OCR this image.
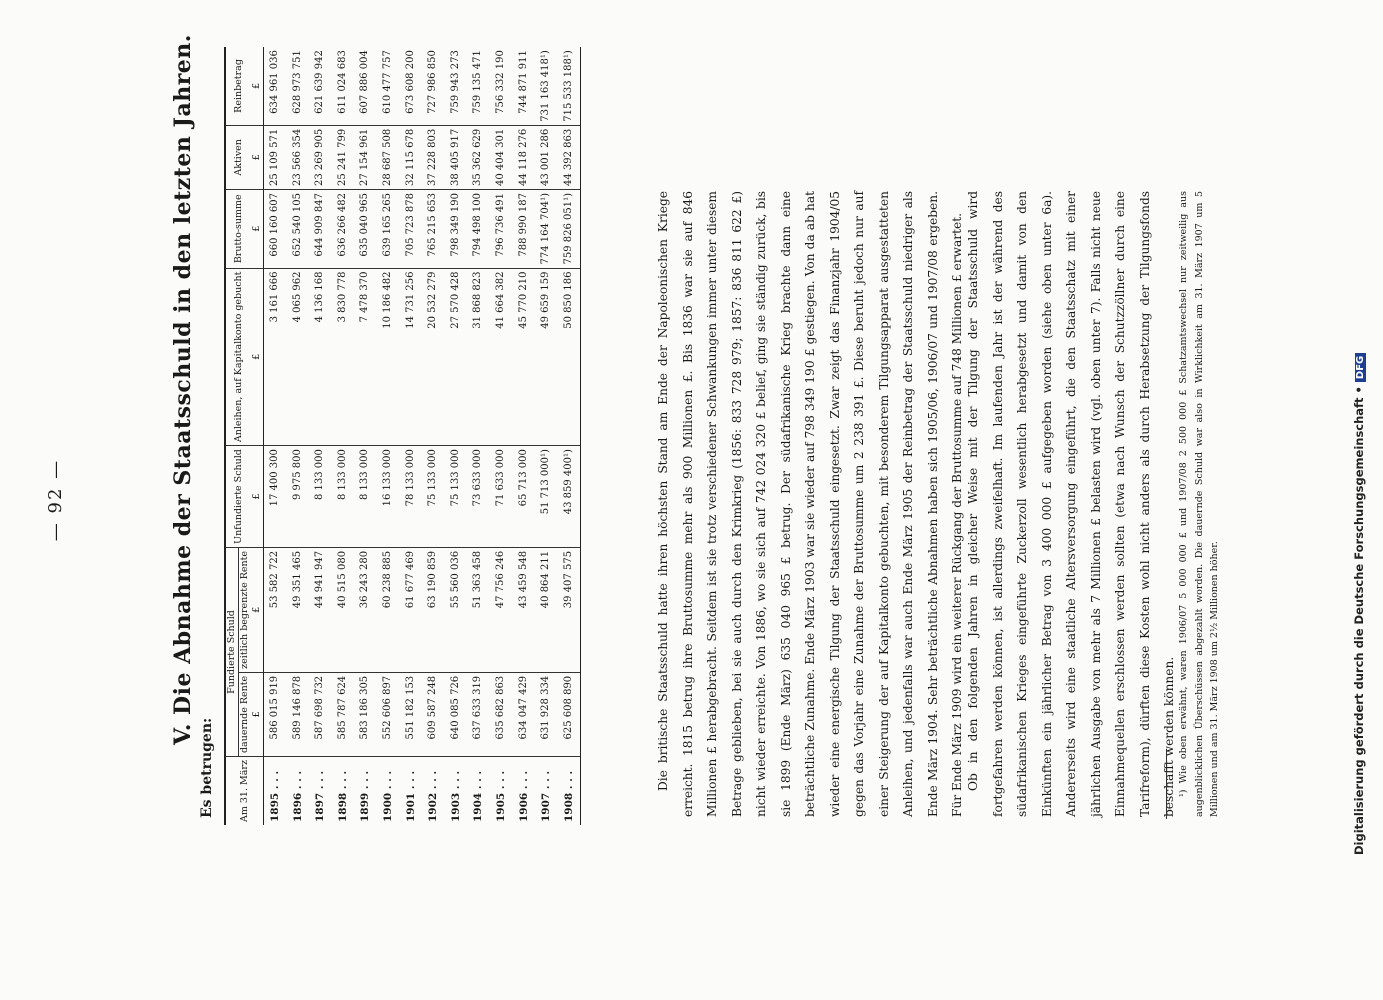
— 92 —	V. Die Abnahme der Staatsschuld in den letzten Jahren.
Es betrugen: Am 31. März	Fundierte Schuld		Unfundierte Schuld	Anleihen, auf Kapitalkonto gebucht	Brutto-summe	Aktiven	Reinbetrag
	dauernde Rente	zeitlich begrenzte Rente					
	£	£	£	£	£	£	£
1895 . . .	586 015 919	53 582 722	17 400 300	3 161 666	660 160 607	25 109 571	634 961 036
1896 . . .	589 146 878	49 351 465	9 975 800	4 065 962	652 540 105	23 566 354	628 973 751
1897 . . .	587 698 732	44 941 947	8 133 000	4 136 168	644 909 847	23 269 905	621 639 942
1898 . . .	585 787 624	40 515 080	8 133 000	3 830 778	636 266 482	25 241 799	611 024 683
1899 . . .	583 186 305	36 243 280	8 133 000	7 478 370	635 040 965	27 154 961	607 886 004
1900 . . .	552 606 897	60 238 885	16 133 000	10 186 482	639 165 265	28 687 508	610 477 757
1901 . . .	551 182 153	61 677 469	78 133 000	14 731 256	705 723 878	32 115 678	673 608 200
1902 . . .	609 587 248	63 190 859	75 133 000	20 532 279	765 215 653	37 228 803	727 986 850
1903 . . .	640 085 726	55 560 036	75 133 000	27 570 428	798 349 190	38 405 917	759 943 273
1904 . . .	637 633 319	51 363 458	73 633 000	31 868 823	794 498 100	35 362 629	759 135 471
1905 . . .	635 682 863	47 756 246	71 633 000	41 664 382	796 736 491	40 404 301	756 332 190
1906 . . .	634 047 429	43 459 548	65 713 000	45 770 210	788 990 187	44 118 276	744 871 911
1907 . . .	631 928 334	40 864 211	51 713 000¹)	49 659 159	774 164 704¹)	43 001 286	731 163 418¹)
1908 . . .	625 608 890	39 407 575	43 859 400¹)	50 850 186	759 826 051¹)	44 392 863	715 533 188¹)
Die britische Staatsschuld hatte ihren höchsten Stand am Ende der Napoleonischen Kriege erreicht. 1815 betrug ihre Bruttosumme mehr als 900 Millionen £. Bis 1836 war sie auf 846 Millionen £ herabgebracht. Seitdem ist sie trotz verschiedener Schwankungen immer unter diesem Betrage geblieben, bei sie auch durch den Krimkrieg (1856: 833 728 979; 1857: 836 811 622 £) nicht wieder erreichte. Von 1886, wo sie sich auf 742 024 320 £ belief, ging sie ständig zurück, bis sie 1899 (Ende März) 635 040 965 £ betrug. Der südafrikanische Krieg brachte dann eine beträchtliche Zunahme. Ende März 1903 war sie wieder auf 798 349 190 £ gestiegen. Von da ab hat wieder eine energische Tilgung der Staatsschuld eingesetzt. Zwar zeigt das Finanzjahr 1904/05 gegen das Vorjahr eine Zunahme der Bruttosumme um 2 238 391 £. Diese beruht jedoch nur auf einer Steigerung der auf Kapitalkonto gebuchten, mit besonderem Tilgungsapparat ausgestatteten Anleihen, und jedenfalls war auch Ende März 1905 der Reinbetrag der Staatsschuld niedriger als Ende März 1904. Sehr beträchtliche Abnahmen haben sich 1905/06, 1906/07 und 1907/08 ergeben. Für Ende März 1909 wird ein weiterer Rückgang der Bruttosumme auf 748 Millionen £ erwartet. Ob in den folgenden Jahren in gleicher Weise mit der Tilgung der Staatsschuld wird fortgefahren werden können, ist allerdings zweifelhaft. Im laufenden Jahr ist der während des südafrikanischen Krieges eingeführte Zuckerzoll wesentlich herabgesetzt und damit von den Einkünften ein jährlicher Betrag von 3 400 000 £ aufgegeben worden (siehe oben unter 6a). Andererseits wird eine staatliche Altersversorgung eingeführt, die den Staatsschatz mit einer jährlichen Ausgabe von mehr als 7 Millionen £ belasten wird (vgl. oben unter 7). Falls nicht neue Einnahmequellen erschlossen werden sollten (etwa nach Wunsch der Schutzzöllner durch eine Tarifreform), dürften diese Kosten wohl nicht anders als durch Herabsetzung der Tilgungsfonds beschafft werden können. ¹) Wie oben erwähnt, waren 1906/07 5 000 000 £ und 1907/08 2 500 000 £ Schatzamtswechsel nur zeitweilig aus augenblicklichen Überschüssen abgezahlt worden. Die dauernde Schuld war also in Wirklichkeit am 31. März 1907 um 5 Millionen und am 31. März 1908 um 2½ Millionen höher.	Digitalisierung gefördert durch die Deutsche Forschungsgemeinschaft •DFG
